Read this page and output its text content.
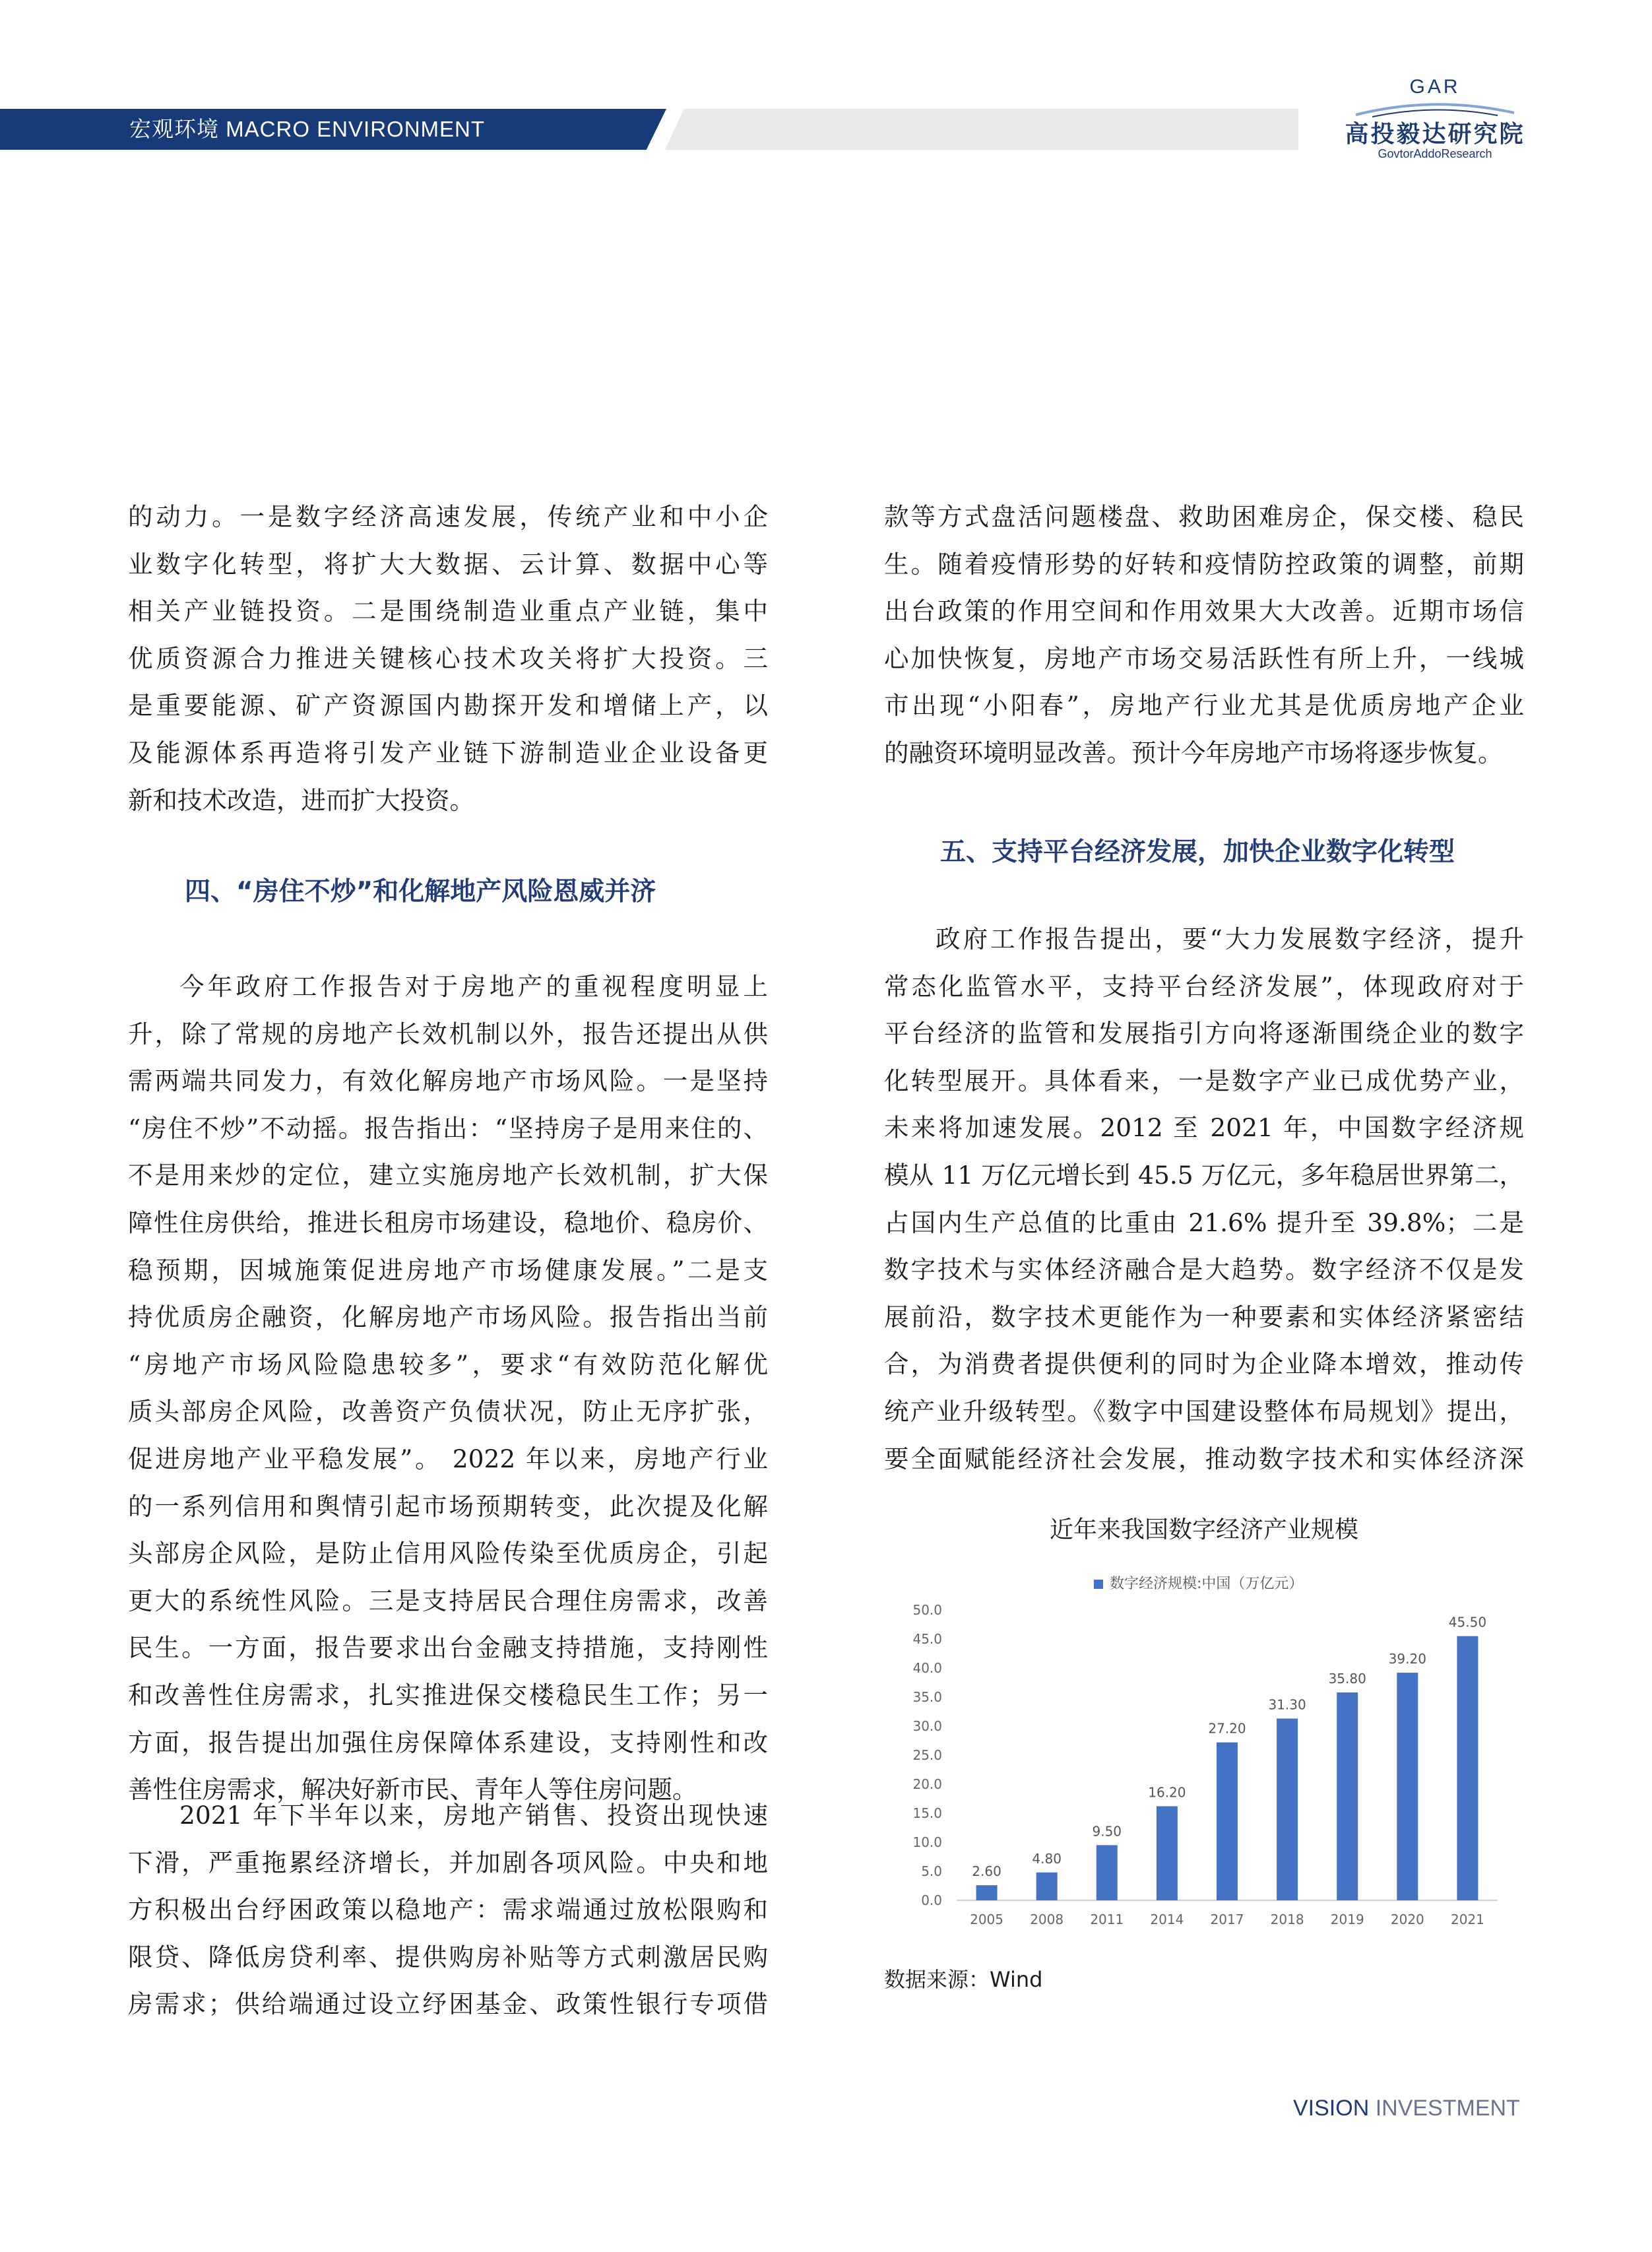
宏观环境 MACRO ENVIRONMENT
GAR
高投毅达研究院
GovtorAddoResearch

的动力。一是数字经济高速发展，传统产业和中小企

业数字化转型，将扩大大数据、云计算、数据中心等

相关产业链投资。二是围绕制造业重点产业链，集中

优质资源合力推进关键核心技术攻关将扩大投资。三

是重要能源、矿产资源国内勘探开发和增储上产，以

及能源体系再造将引发产业链下游制造业企业设备更

新和技术改造，进而扩大投资。

四、“房住不炒”和化解地产风险恩威并济

今年政府工作报告对于房地产的重视程度明显上

升，除了常规的房地产长效机制以外，报告还提出从供

需两端共同发力，有效化解房地产市场风险。一是坚持

“房住不炒”不动摇。报告指出：“坚持房子是用来住的、

不是用来炒的定位，建立实施房地产长效机制，扩大保

障性住房供给，推进长租房市场建设，稳地价、稳房价、

稳预期，因城施策促进房地产市场健康发展。”二是支

持优质房企融资，化解房地产市场风险。报告指出当前

“房地产市场风险隐患较多”，要求“有效防范化解优

质头部房企风险，改善资产负债状况，防止无序扩张，

促进房地产业平稳发展”。 2022 年以来，房地产行业

的一系列信用和舆情引起市场预期转变，此次提及化解

头部房企风险，是防止信用风险传染至优质房企，引起

更大的系统性风险。三是支持居民合理住房需求，改善

民生。一方面，报告要求出台金融支持措施，支持刚性

和改善性住房需求，扎实推进保交楼稳民生工作；另一

方面，报告提出加强住房保障体系建设，支持刚性和改

善性住房需求，解决好新市民、青年人等住房问题。

2021 年下半年以来，房地产销售、投资出现快速

下滑，严重拖累经济增长，并加剧各项风险。中央和地

方积极出台纾困政策以稳地产：需求端通过放松限购和

限贷、降低房贷利率、提供购房补贴等方式刺激居民购

房需求；供给端通过设立纾困基金、政策性银行专项借

款等方式盘活问题楼盘、救助困难房企，保交楼、稳民

生。随着疫情形势的好转和疫情防控政策的调整，前期

出台政策的作用空间和作用效果大大改善。近期市场信

心加快恢复，房地产市场交易活跃性有所上升，一线城

市出现“小阳春”，房地产行业尤其是优质房地产企业

的融资环境明显改善。预计今年房地产市场将逐步恢复。

五、支持平台经济发展，加快企业数字化转型

政府工作报告提出，要“大力发展数字经济，提升

常态化监管水平，支持平台经济发展”，体现政府对于

平台经济的监管和发展指引方向将逐渐围绕企业的数字

化转型展开。具体看来，一是数字产业已成优势产业，

未来将加速发展。2012 至 2021 年，中国数字经济规

模从 11 万亿元增长到 45.5 万亿元，多年稳居世界第二，

占国内生产总值的比重由 21.6% 提升至 39.8%；二是

数字技术与实体经济融合是大趋势。数字经济不仅是发

展前沿，数字技术更能作为一种要素和实体经济紧密结

合，为消费者提供便利的同时为企业降本增效，推动传

统产业升级转型。《数字中国建设整体布局规划》提出，

要全面赋能经济社会发展，推动数字技术和实体经济深

近年来我国数字经济产业规模
数字经济规模:中国（万亿元）
0.0
5.0
10.0
15.0
20.0
25.0
30.0
35.0
40.0
45.0
50.0
2.60
2005
4.80
2008
9.50
2011
16.20
2014
27.20
2017
31.30
2018
35.80
2019
39.20
2020
45.50
2021
数据来源：Wind
VISION INVESTMENT
